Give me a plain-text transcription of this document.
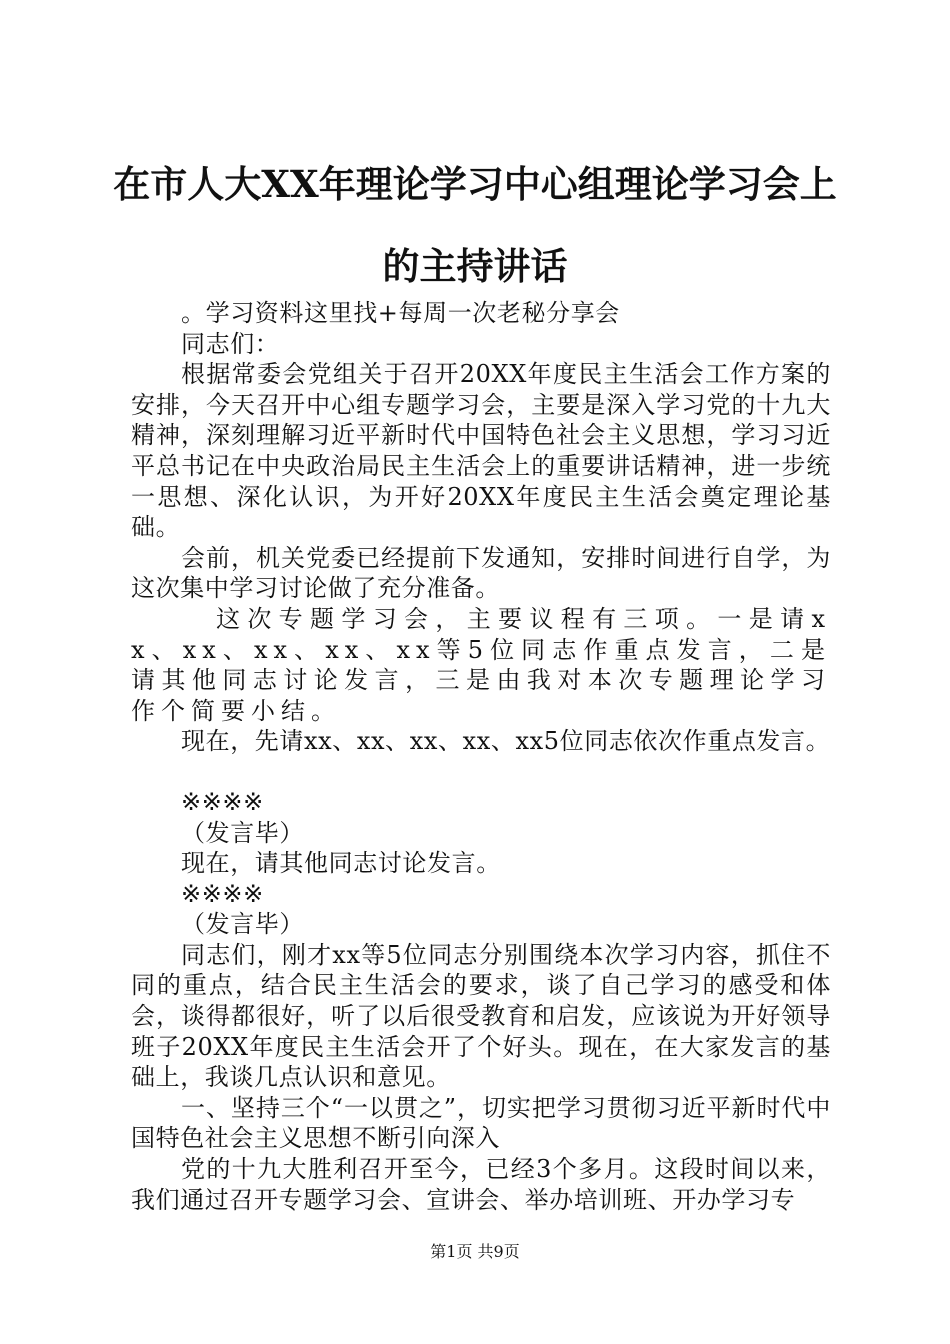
在市人大XX年理论学习中心组理论学习会上
的主持讲话

。学习资料这里找+每周一次老秘分享会

同志们：

根据常委会党组关于召开20XX年度民主生活会工作方案的安排，今天召开中心组专题学习会，主要是深入学习党的十九大精神，深刻理解习近平新时代中国特色社会主义思想，学习习近平总书记在中央政治局民主生活会上的重要讲话精神，进一步统一思想、深化认识，为开好20XX年度民主生活会奠定理论基础。

会前，机关党委已经提前下发通知，安排时间进行自学，为这次集中学习讨论做了充分准备。

这次专题学习会，主要议程有三项。一是请xx、xx、xx、xx、xx等5位同志作重点发言，二是请其他同志讨论发言，三是由我对本次专题理论学习作个简要小结。

现在，先请xx、xx、xx、xx、xx5位同志依次作重点发言。

※※※※

（发言毕）

现在，请其他同志讨论发言。

※※※※

（发言毕）

同志们，刚才xx等5位同志分别围绕本次学习内容，抓住不同的重点，结合民主生活会的要求，谈了自己学习的感受和体会，谈得都很好，听了以后很受教育和启发，应该说为开好领导班子20XX年度民主生活会开了个好头。现在，在大家发言的基础上，我谈几点认识和意见。

一、坚持三个“一以贯之”，切实把学习贯彻习近平新时代中国特色社会主义思想不断引向深入

党的十九大胜利召开至今，已经3个多月。这段时间以来，我们通过召开专题学习会、宣讲会、举办培训班、开办学习专

第1页 共9页
